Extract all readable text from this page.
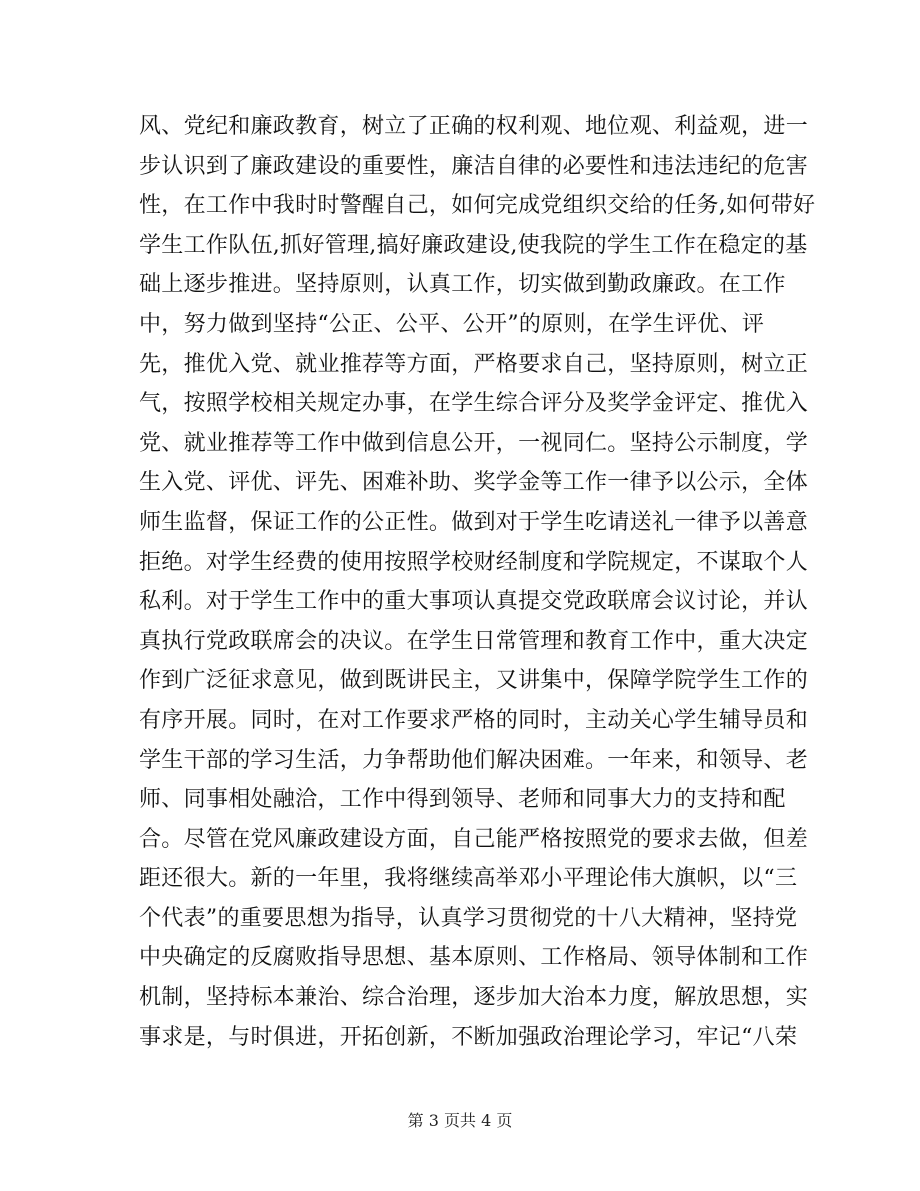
风、党纪和廉政教育，树立了正确的权利观、地位观、利益观，进一
步认识到了廉政建设的重要性，廉洁自律的必要性和违法违纪的危害
性，在工作中我时时警醒自己，如何完成党组织交给的任务,如何带好
学生工作队伍,抓好管理,搞好廉政建设,使我院的学生工作在稳定的基
础上逐步推进。坚持原则，认真工作，切实做到勤政廉政。在工作
中，努力做到坚持“公正、公平、公开”的原则，在学生评优、评
先，推优入党、就业推荐等方面，严格要求自己，坚持原则，树立正
气，按照学校相关规定办事，在学生综合评分及奖学金评定、推优入
党、就业推荐等工作中做到信息公开，一视同仁。坚持公示制度，学
生入党、评优、评先、困难补助、奖学金等工作一律予以公示，全体
师生监督，保证工作的公正性。做到对于学生吃请送礼一律予以善意
拒绝。对学生经费的使用按照学校财经制度和学院规定，不谋取个人
私利。对于学生工作中的重大事项认真提交党政联席会议讨论，并认
真执行党政联席会的决议。在学生日常管理和教育工作中，重大决定
作到广泛征求意见，做到既讲民主，又讲集中，保障学院学生工作的
有序开展。同时，在对工作要求严格的同时，主动关心学生辅导员和
学生干部的学习生活，力争帮助他们解决困难。一年来，和领导、老
师、同事相处融洽，工作中得到领导、老师和同事大力的支持和配
合。尽管在党风廉政建设方面，自己能严格按照党的要求去做，但差
距还很大。新的一年里，我将继续高举邓小平理论伟大旗帜，以“三
个代表”的重要思想为指导，认真学习贯彻党的十八大精神，坚持党
中央确定的反腐败指导思想、基本原则、工作格局、领导体制和工作
机制，坚持标本兼治、综合治理，逐步加大治本力度，解放思想，实
事求是，与时俱进，开拓创新，不断加强政治理论学习，牢记“八荣
第 3 页共 4 页
